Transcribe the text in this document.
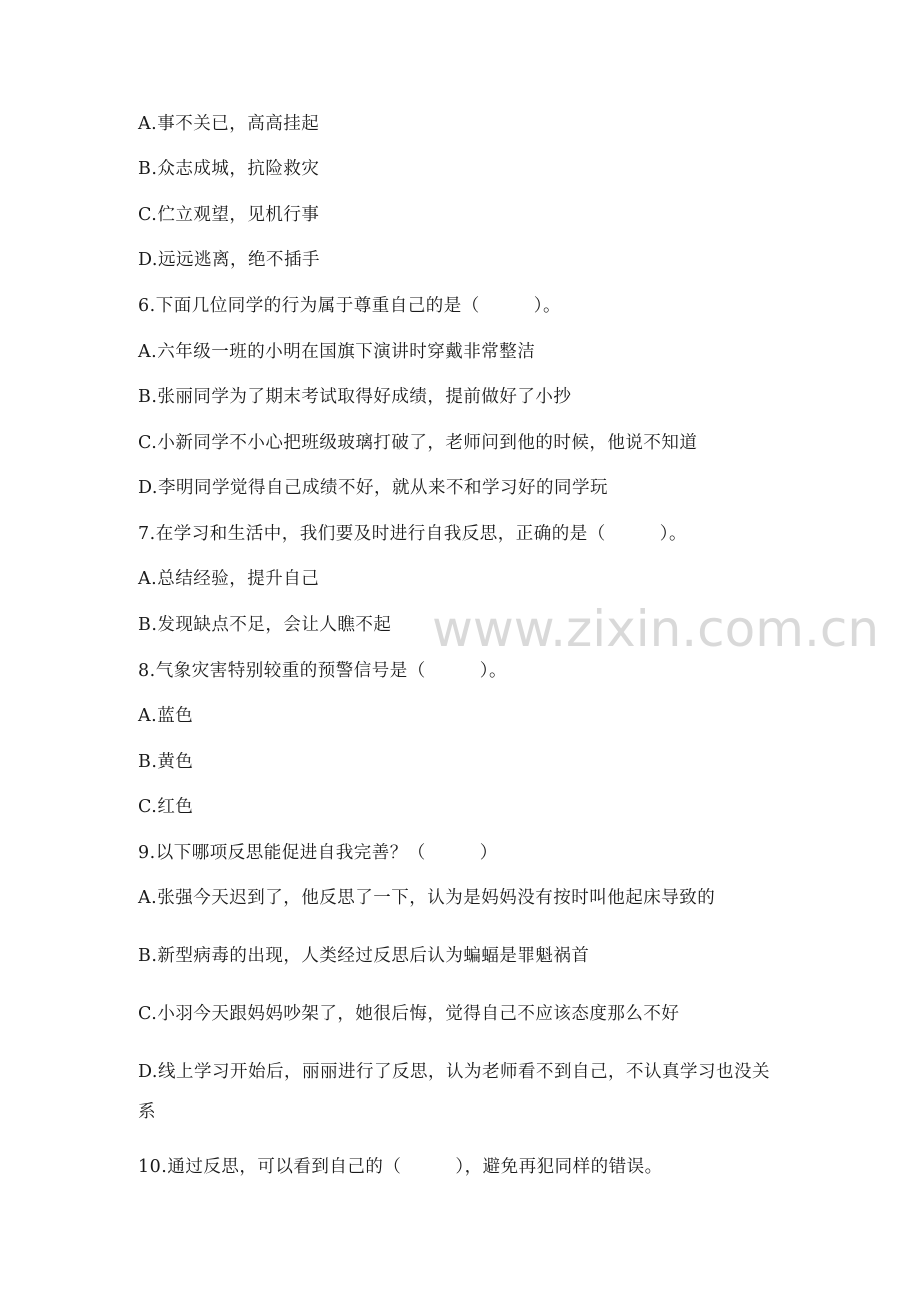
www.zixin.com.cn
A.事不关已，高高挂起
B.众志成城，抗险救灾
C.伫立观望，见机行事
D.远远逃离，绝不插手
6.下面几位同学的行为属于尊重自己的是（　　　）。
A.六年级一班的小明在国旗下演讲时穿戴非常整洁
B.张丽同学为了期末考试取得好成绩，提前做好了小抄
C.小新同学不小心把班级玻璃打破了，老师问到他的时候，他说不知道
D.李明同学觉得自己成绩不好，就从来不和学习好的同学玩
7.在学习和生活中，我们要及时进行自我反思，正确的是（　　　）。
A.总结经验，提升自己
B.发现缺点不足，会让人瞧不起
8.气象灾害特别较重的预警信号是（　　　）。
A.蓝色
B.黄色
C.红色
9.以下哪项反思能促进自我完善？（　　　）
A.张强今天迟到了，他反思了一下，认为是妈妈没有按时叫他起床导致的
B.新型病毒的出现，人类经过反思后认为蝙蝠是罪魁祸首
C.小羽今天跟妈妈吵架了，她很后悔，觉得自己不应该态度那么不好
D.线上学习开始后，丽丽进行了反思，认为老师看不到自己，不认真学习也没关系
10.通过反思，可以看到自己的（　　　），避免再犯同样的错误。
